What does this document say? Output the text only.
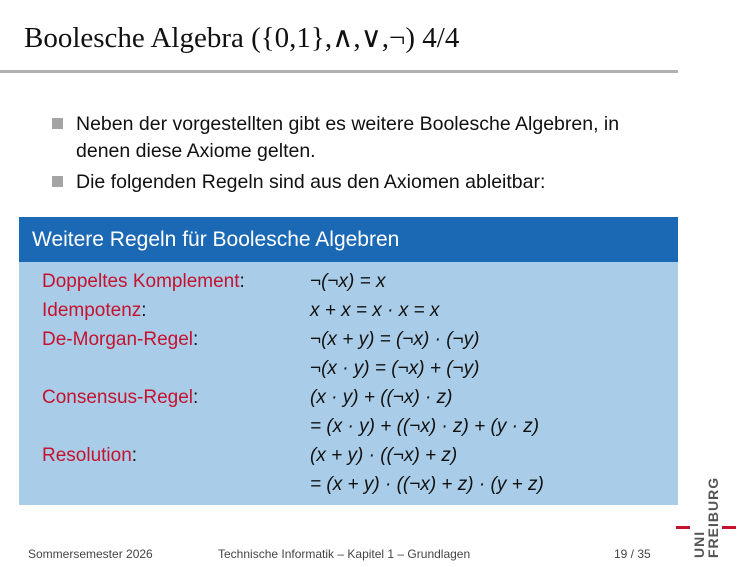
Boolesche Algebra ({0,1},∧,∨,¬) 4/4
Neben der vorgestellten gibt es weitere Boolesche Algebren, in denen diese Axiome gelten.
Die folgenden Regeln sind aus den Axiomen ableitbar:
Weitere Regeln für Boolesche Algebren
Doppeltes Komplement:	¬(¬x) = x
Idempotenz:	x + x = x · x = x
De-Morgan-Regel:	¬(x + y) = (¬x) · (¬y)
¬(x · y) = (¬x) + (¬y)
Consensus-Regel:	(x · y) + ((¬x) · z)
= (x · y) + ((¬x) · z) + (y · z)
Resolution:	(x + y) · ((¬x) + z)
= (x + y) · ((¬x) + z) · (y + z)
Sommersemester 2026	Technische Informatik – Kapitel 1 – Grundlagen	19 / 35	FREIBURG
UNI
